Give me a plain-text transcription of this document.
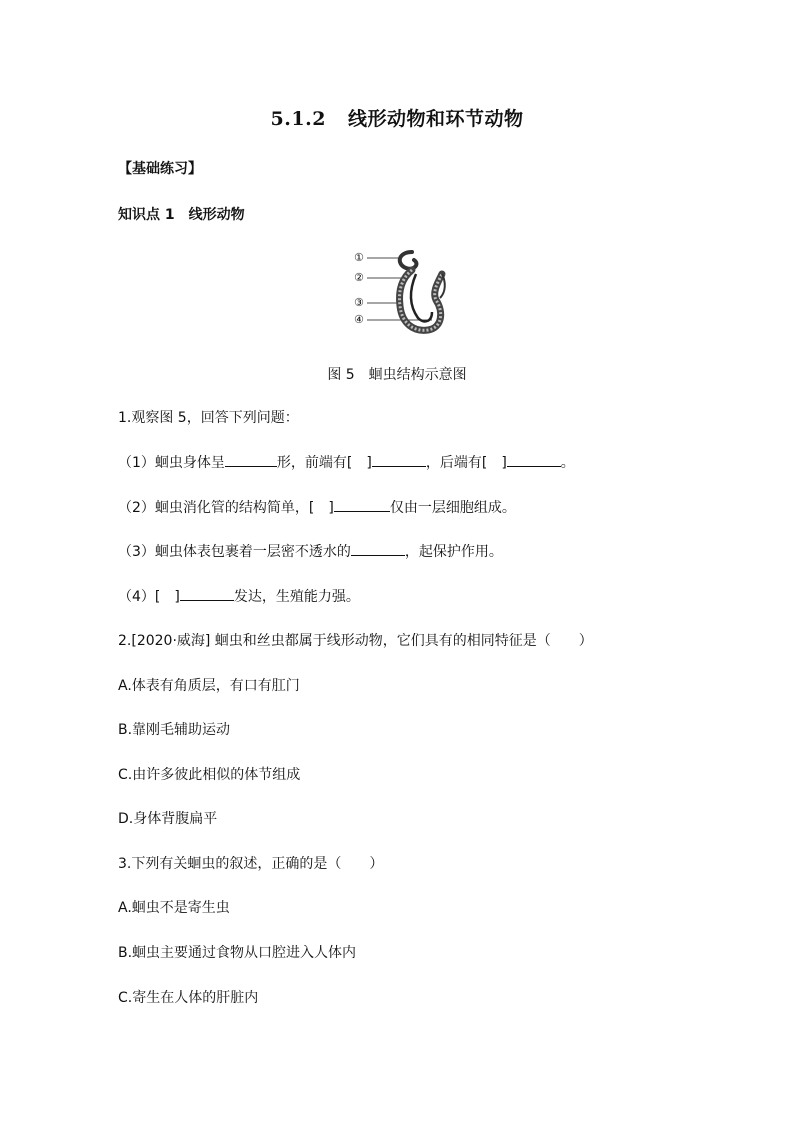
5.1.2 线形动物和环节动物
【基础练习】
知识点 1　线形动物
①
②
③
④
图 5　蛔虫结构示意图
1.观察图 5，回答下列问题：
（1）蛔虫身体呈	形，前端有[　]	，后端有[　]	。
（2）蛔虫消化管的结构简单，[　]	仅由一层细胞组成。
（3）蛔虫体表包裹着一层密不透水的	，起保护作用。
（4）[　]	发达，生殖能力强。
2.[2020·威海] 蛔虫和丝虫都属于线形动物，它们具有的相同特征是（　　）
A.体表有角质层，有口有肛门
B.靠刚毛辅助运动
C.由许多彼此相似的体节组成
D.身体背腹扁平
3.下列有关蛔虫的叙述，正确的是（　　）
A.蛔虫不是寄生虫
B.蛔虫主要通过食物从口腔进入人体内
C.寄生在人体的肝脏内
